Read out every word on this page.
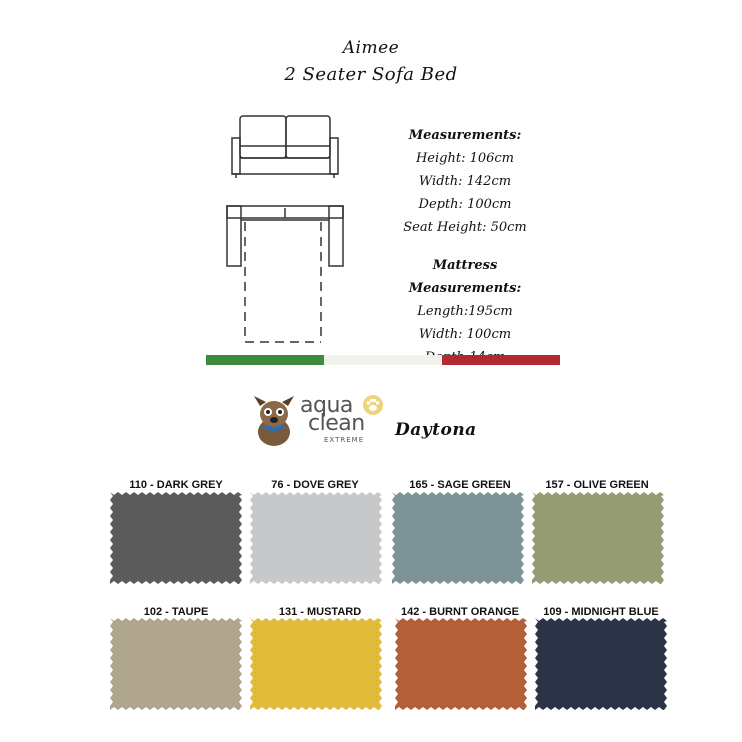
Aimee
2 Seater Sofa Bed
Measurements:
Height: 106cm
Width: 142cm
Depth: 100cm
Seat Height: 50cm
Mattress Measurements:
Length:195cm
Width: 100cm
aqua
clean
EXTREME Daytona
110 - DARK GREY	76 - DOVE GREY	165 - SAGE GREEN	157 - OLIVE GREEN
102 - TAUPE	131 - MUSTARD	142 - BURNT ORANGE	109 - MIDNIGHT BLUE
